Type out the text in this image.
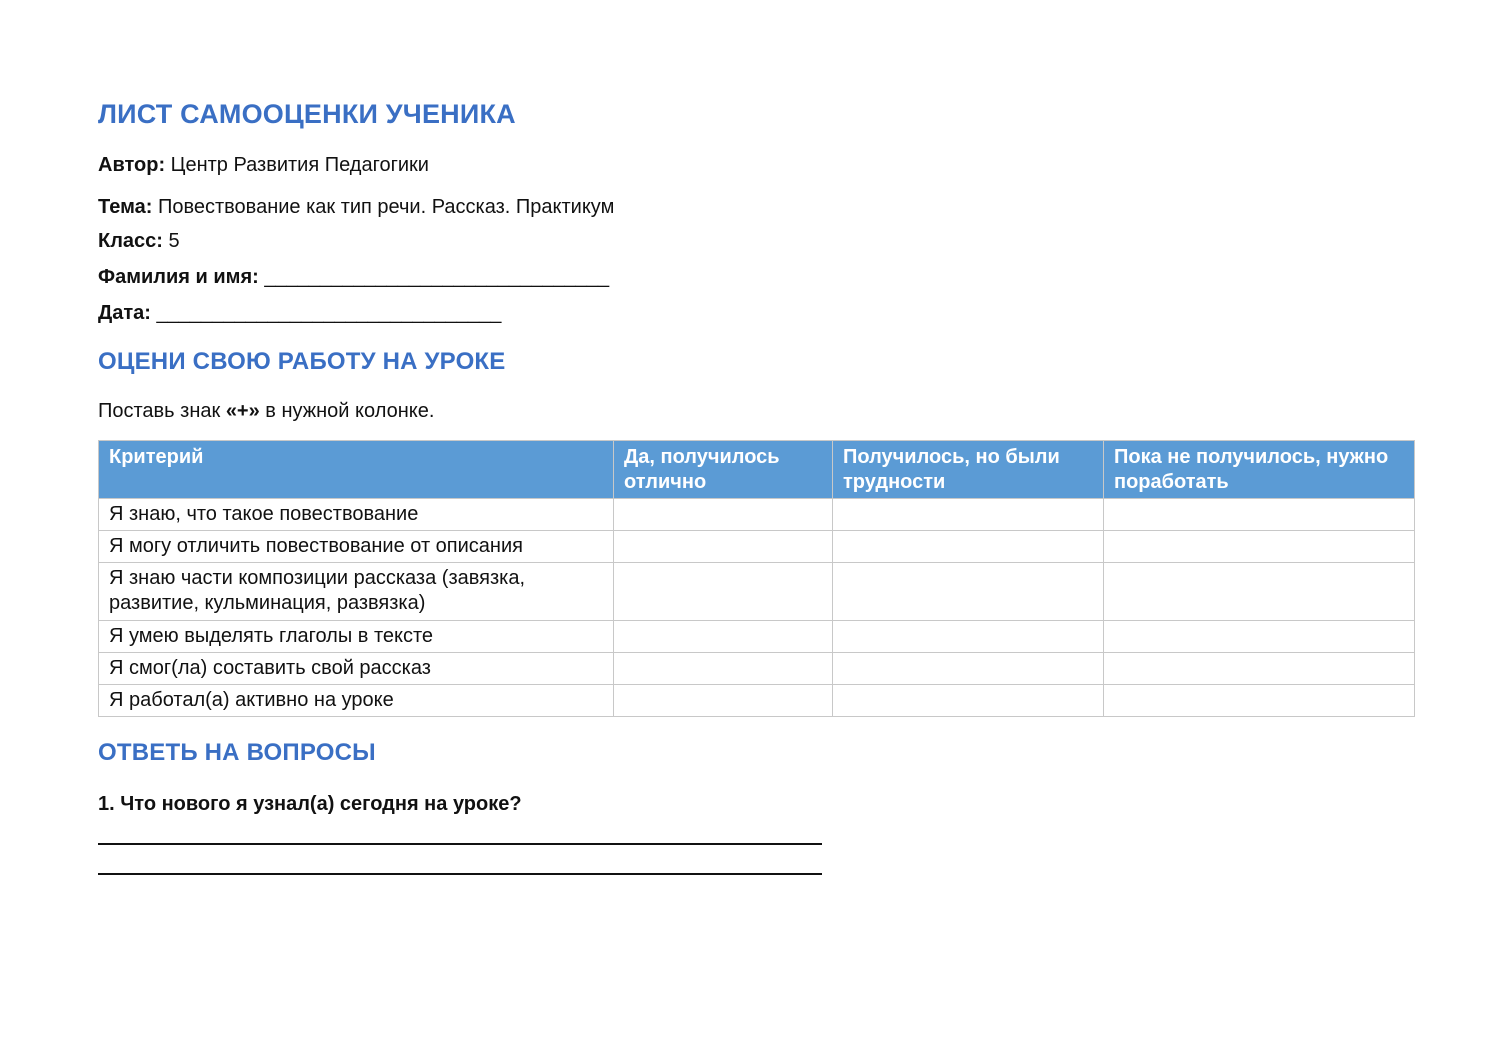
ЛИСТ САМООЦЕНКИ УЧЕНИКА
Автор: Центр Развития Педагогики
Тема: Повествование как тип речи. Рассказ. Практикум
Класс: 5
Фамилия и имя: _______________________________
Дата: _______________________________
ОЦЕНИ СВОЮ РАБОТУ НА УРОКЕ
Поставь знак «+» в нужной колонке.
Критерий	Да, получилось отлично	Получилось, но были трудности	Пока не получилось, нужно поработать
Я знаю, что такое повествование			
Я могу отличить повествование от описания			
Я знаю части композиции рассказа (завязка, развитие, кульминация, развязка)			
Я умею выделять глаголы в тексте			
Я смог(ла) составить свой рассказ			
Я работал(а) активно на уроке			
ОТВЕТЬ НА ВОПРОСЫ
1. Что нового я узнал(а) сегодня на уроке?
